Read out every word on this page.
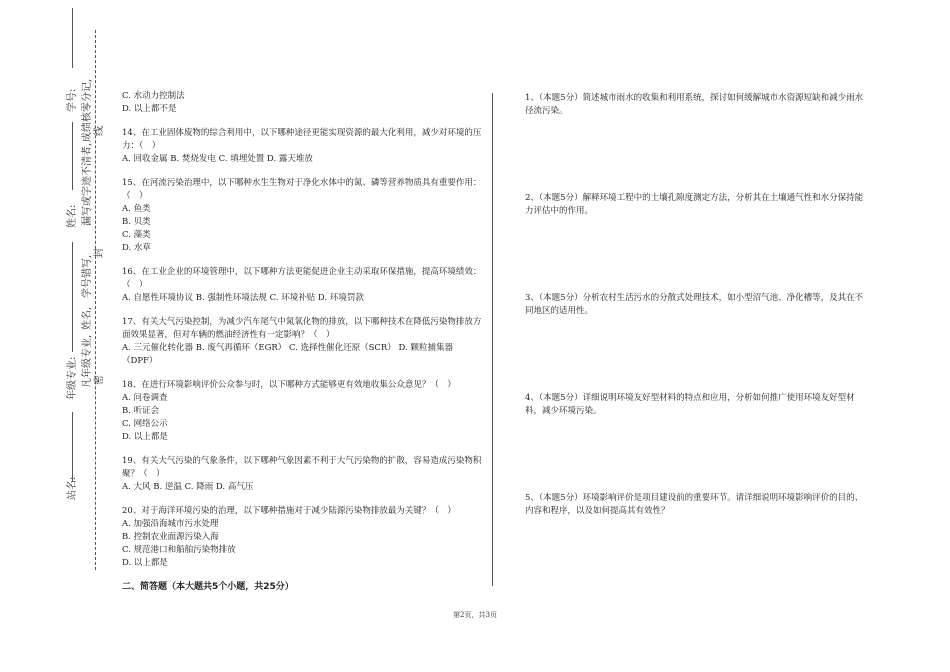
学号:
姓名:
年级专业:
站名:
成绩核零分记,
漏写或字迹不清者,
学号错写,
姓名,
凡年级专业,
线
封
密
C. 水动力控制法
D. 以上都不是
14、在工业固体废物的综合利用中，以下哪种途径更能实现资源的最大化利用，减少对环境的压力：（　）
A. 回收金属 B. 焚烧发电 C. 填埋处置 D. 露天堆放
15、在河流污染治理中，以下哪种水生生物对于净化水体中的氮、磷等营养物质具有重要作用：（　）
A. 鱼类
B. 贝类
C. 藻类
D. 水草
16、在工业企业的环境管理中，以下哪种方法更能促进企业主动采取环保措施，提高环境绩效：（　）
A. 自愿性环境协议 B. 强制性环境法规 C. 环境补贴 D. 环境罚款
17、有关大气污染控制，为减少汽车尾气中氮氧化物的排放，以下哪种技术在降低污染物排放方面效果显著，但对车辆的燃油经济性有一定影响？（　）
A. 三元催化转化器 B. 废气再循环（EGR） C. 选择性催化还原（SCR） D. 颗粒捕集器（DPF）
18、在进行环境影响评价公众参与时，以下哪种方式能够更有效地收集公众意见？（　）
A. 问卷调查
B. 听证会
C. 网络公示
D. 以上都是
19、有关大气污染的气象条件，以下哪种气象因素不利于大气污染物的扩散，容易造成污染物积聚？（　）
A. 大风 B. 逆温 C. 降雨 D. 高气压
20、对于海洋环境污染的治理，以下哪种措施对于减少陆源污染物排放最为关键？（　）
A. 加强沿海城市污水处理
B. 控制农业面源污染入海
C. 规范港口和船舶污染物排放
D. 以上都是
二、简答题（本大题共5个小题，共25分）
1、（本题5分）简述城市雨水的收集和利用系统，探讨如何缓解城市水资源短缺和减少雨水径流污染。
2、（本题5分）解释环境工程中的土壤孔隙度测定方法，分析其在土壤通气性和水分保持能力评估中的作用。
3、（本题5分）分析农村生活污水的分散式处理技术，如小型沼气池、净化槽等，及其在不同地区的适用性。
4、（本题5分）详细说明环境友好型材料的特点和应用，分析如何推广使用环境友好型材料，减少环境污染。
5、（本题5分）环境影响评价是项目建设前的重要环节。请详细说明环境影响评价的目的、内容和程序，以及如何提高其有效性？
第2页，共3页
